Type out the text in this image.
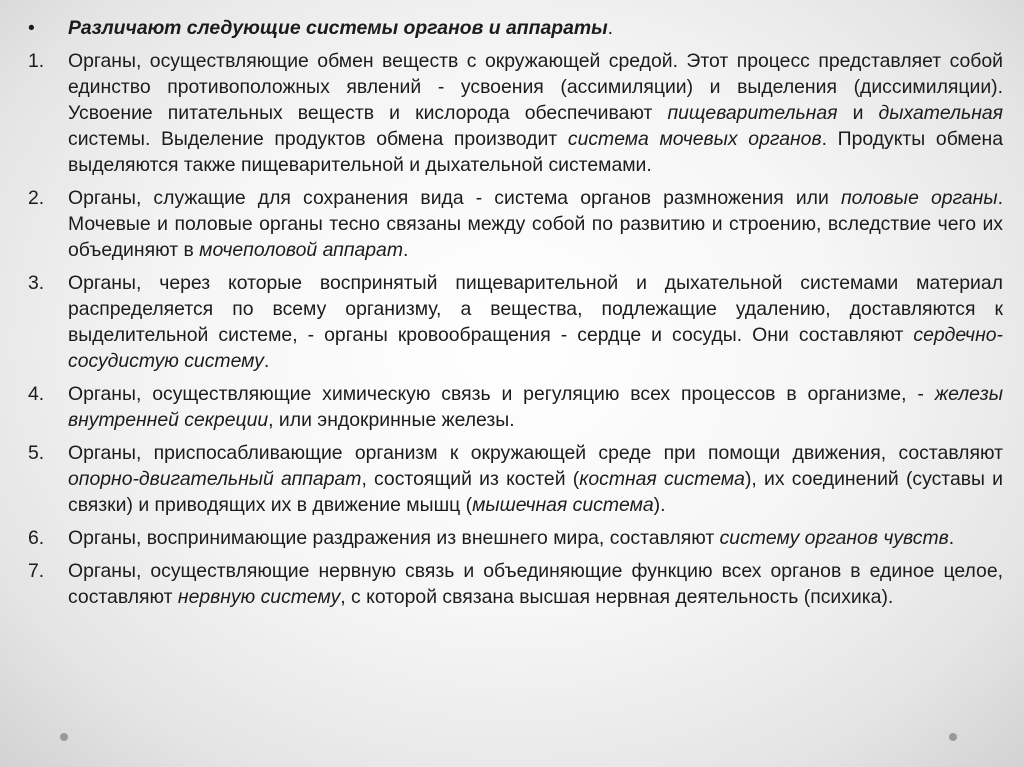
•	Различают следующие системы органов и аппараты.
1.	Органы, осуществляющие обмен веществ с окружающей средой. Этот процесс представляет собой единство противоположных явлений - усвоения (ассимиляции) и выделения (диссимиляции). Усвоение питательных веществ и кислорода обеспечивают пищеварительная и дыхательная системы. Выделение продуктов обмена производит система мочевых органов. Продукты обмена выделяются также пищеварительной и дыхательной системами.
2.	Органы, служащие для сохранения вида - система органов размножения или половые органы. Мочевые и половые органы тесно связаны между собой по развитию и строению, вследствие чего их объединяют в мочеполовой аппарат.
3.	Органы, через которые воспринятый пищеварительной и дыхательной системами материал распределяется по всему организму, а вещества, подлежащие удалению, доставляются к выделительной системе, - органы кровообращения - сердце и сосуды. Они составляют сердечно-сосудистую систему.
4.	Органы, осуществляющие химическую связь и регуляцию всех процессов в организме, - железы внутренней секреции, или эндокринные железы.
5.	Органы, приспосабливающие организм к окружающей среде при помощи движения, составляют опорно-двигательный аппарат, состоящий из костей (костная система), их соединений (суставы и связки) и приводящих их в движение мышц (мышечная система).
6.	Органы, воспринимающие раздражения из внешнего мира, составляют систему органов чувств.
7.	Органы, осуществляющие нервную связь и объединяющие функцию всех органов в единое целое, составляют нервную систему, с которой связана высшая нервная деятельность (психика).
